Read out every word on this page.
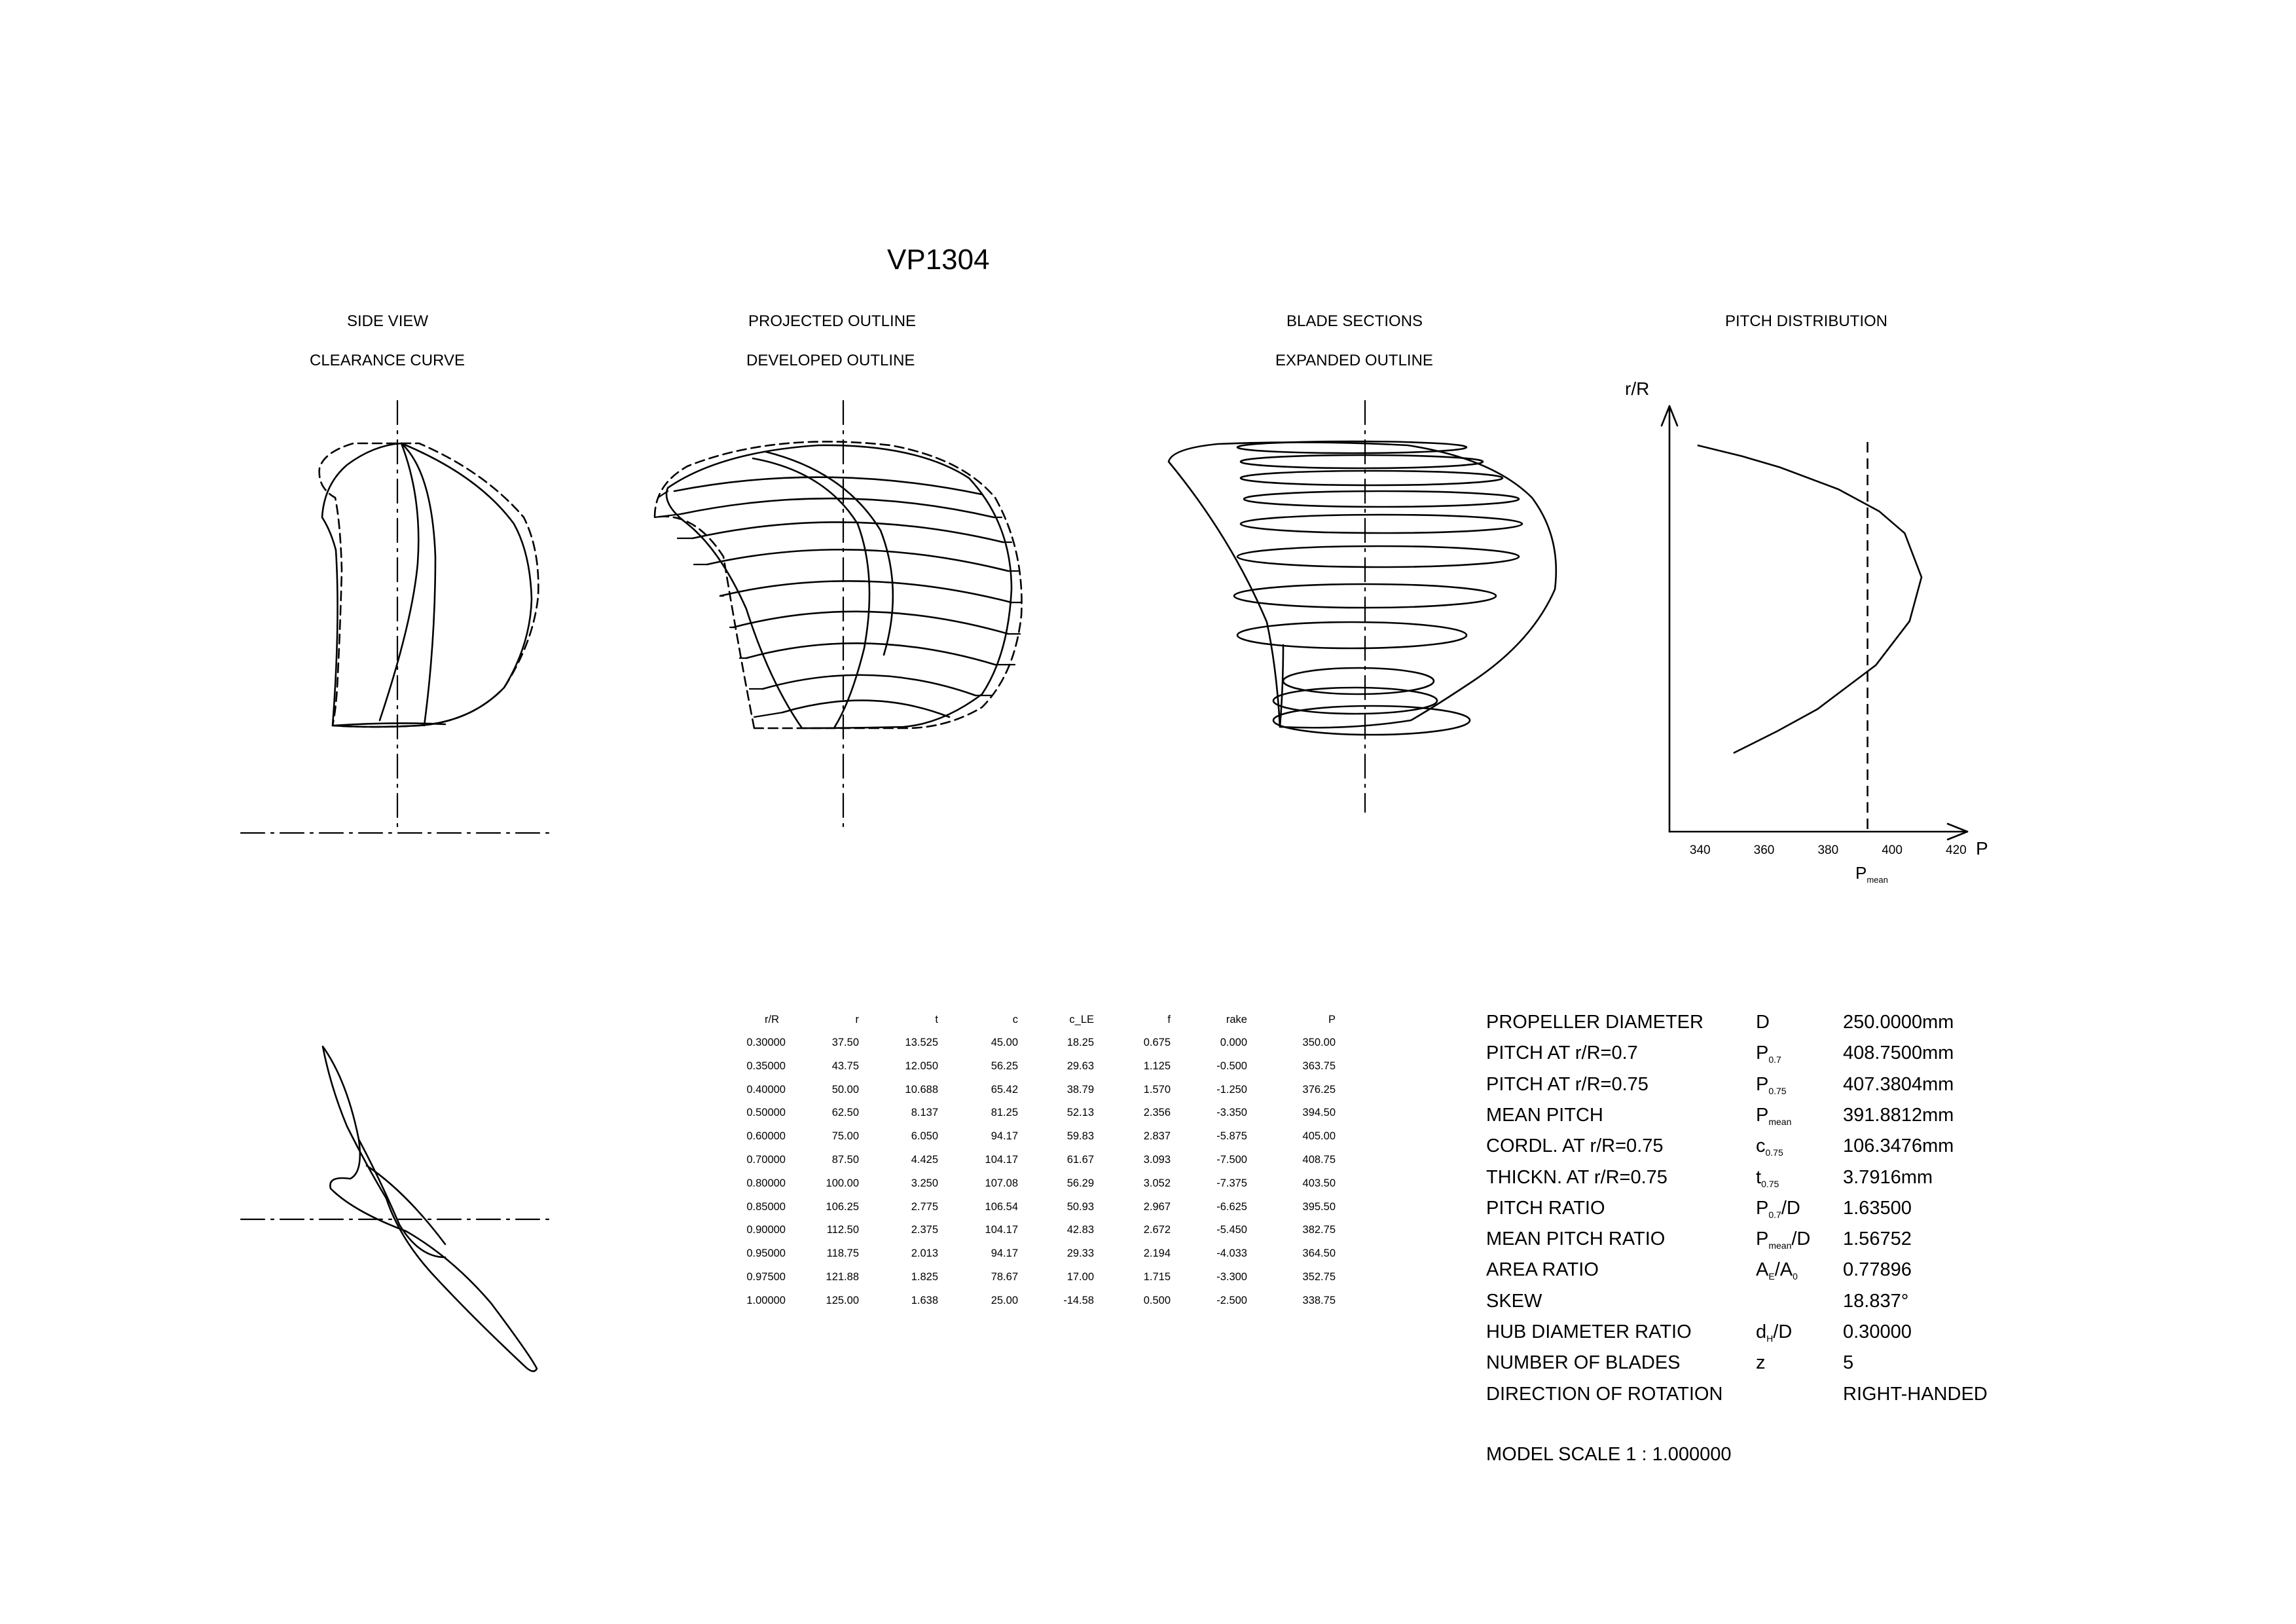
VP1304
SIDE VIEW
CLEARANCE CURVE
PROJECTED OUTLINE
DEVELOPED OUTLINE
BLADE SECTIONS
EXPANDED OUTLINE
PITCH DISTRIBUTION
r/R
P
340	360	380	400	420
$P_{mean}$
r/R	r	t	c	c_LE	f	rake	P
0.30000	37.50	13.525	45.00	18.25	0.675	0.000	350.00
0.35000	43.75	12.050	56.25	29.63	1.125	-0.500	363.75
0.40000	50.00	10.688	65.42	38.79	1.570	-1.250	376.25
0.50000	62.50	8.137	81.25	52.13	2.356	-3.350	394.50
0.60000	75.00	6.050	94.17	59.83	2.837	-5.875	405.00
0.70000	87.50	4.425	104.17	61.67	3.093	-7.500	408.75
0.80000	100.00	3.250	107.08	56.29	3.052	-7.375	403.50
0.85000	106.25	2.775	106.54	50.93	2.967	-6.625	395.50
0.90000	112.50	2.375	104.17	42.83	2.672	-5.450	382.75
0.95000	118.75	2.013	94.17	29.33	2.194	-4.033	364.50
0.97500	121.88	1.825	78.67	17.00	1.715	-3.300	352.75
1.00000	125.00	1.638	25.00	-14.58	0.500	-2.500	338.75
PROPELLER DIAMETER	D	250.0000mm
PITCH AT r/R=0.7	$P_{0.7}$	408.7500mm
PITCH AT r/R=0.75	$P_{0.75}$	407.3804mm
MEAN PITCH	$P_{mean}$	391.8812mm
CORDL. AT r/R=0.75	$c_{0.75}$	106.3476mm
THICKN. AT r/R=0.75	$t_{0.75}$	3.7916mm
PITCH RATIO	$P_{0.7}/D$ 1.63500
MEAN PITCH RATIO	$P_{mean}/D$ 1.56752
AREA RATIO	$A_E/A_0$ 0.77896
SKEW	18.837°
HUB DIAMETER RATIO	$d_H/D$	0.30000
NUMBER OF BLADES	z	5
DIRECTION OF ROTATION	RIGHT-HANDED
MODEL SCALE 1 : 1.000000
